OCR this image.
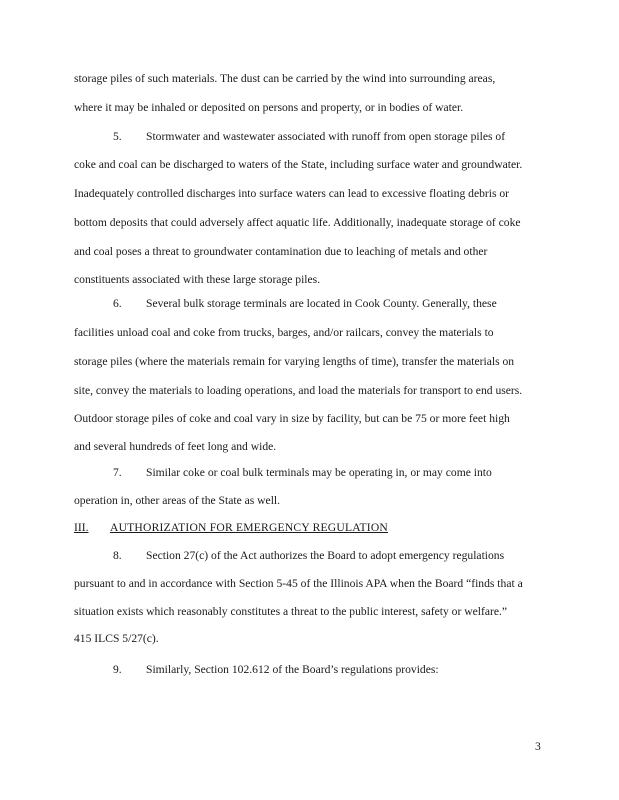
storage piles of such materials. The dust can be carried by the wind into surrounding areas,
where it may be inhaled or deposited on persons and property, or in bodies of water.
5. Stormwater and wastewater associated with runoff from open storage piles of
coke and coal can be discharged to waters of the State, including surface water and groundwater.
Inadequately controlled discharges into surface waters can lead to excessive floating debris or
bottom deposits that could adversely affect aquatic life. Additionally, inadequate storage of coke
and coal poses a threat to groundwater contamination due to leaching of metals and other
constituents associated with these large storage piles.
6. Several bulk storage terminals are located in Cook County. Generally, these
facilities unload coal and coke from trucks, barges, and/or railcars, convey the materials to
storage piles (where the materials remain for varying lengths of time), transfer the materials on
site, convey the materials to loading operations, and load the materials for transport to end users.
Outdoor storage piles of coke and coal vary in size by facility, but can be 75 or more feet high
and several hundreds of feet long and wide.
7. Similar coke or coal bulk terminals may be operating in, or may come into
operation in, other areas of the State as well.
III. AUTHORIZATION FOR EMERGENCY REGULATION
8. Section 27(c) of the Act authorizes the Board to adopt emergency regulations
pursuant to and in accordance with Section 5-45 of the Illinois APA when the Board “finds that a
situation exists which reasonably constitutes a threat to the public interest, safety or welfare.”
415 ILCS 5/27(c).
9. Similarly, Section 102.612 of the Board’s regulations provides:
3
